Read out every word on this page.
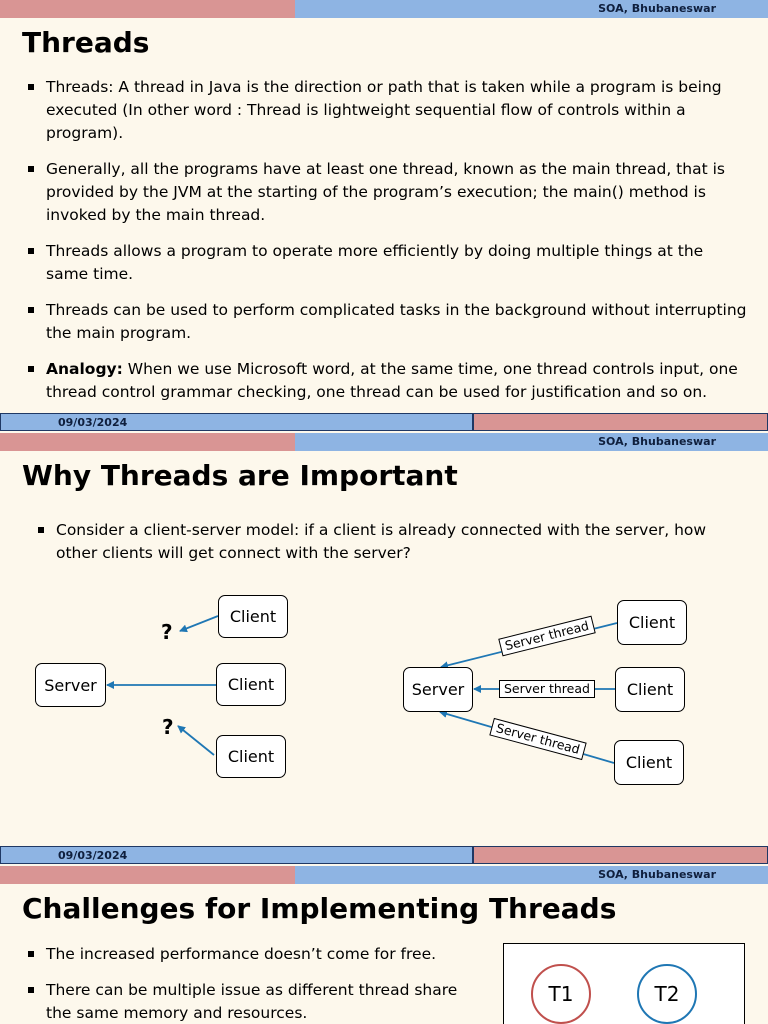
SOA, Bhubaneswar
Threads
Threads: A thread in Java is the direction or path that is taken while a program is being executed (In other word : Thread is lightweight sequential flow of controls within a program).
Generally, all the programs have at least one thread, known as the main thread, that is provided by the JVM at the starting of the program’s execution; the main() method is invoked by the main thread.
Threads allows a program to operate more efficiently by doing multiple things at the same time.
Threads can be used to perform complicated tasks in the background without interrupting the main program.
Analogy: When we use Microsoft word, at the same time, one thread controls input, one thread control grammar checking, one thread can be used for justification and so on.
09/03/2024
SOA, Bhubaneswar
Why Threads are Important
Consider a client-server model: if a client is already connected with the server, how other clients will get connect with the server?
Server
Client
Client
Client
?
?
Server
Client
Client
Client
Server thread
Server thread
Server thread
09/03/2024
SOA, Bhubaneswar
Challenges for Implementing Threads
The increased performance doesn’t come for free.
There can be multiple issue as different thread share the same memory and resources.
T1	T2
